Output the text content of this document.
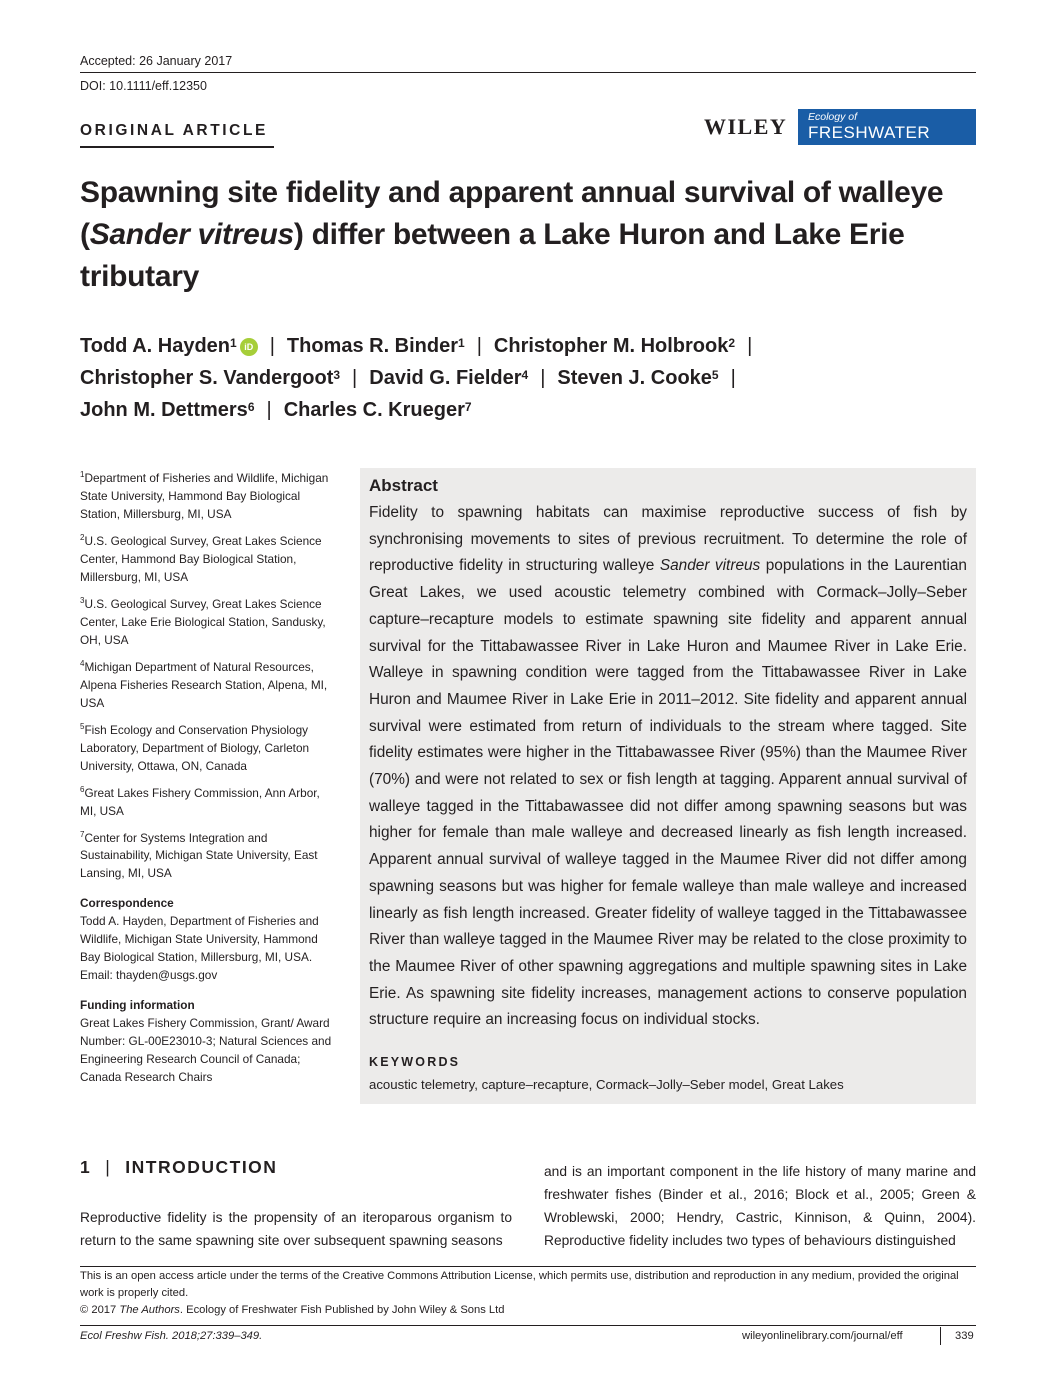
Accepted: 26 January 2017
DOI: 10.1111/eff.12350
ORIGINAL ARTICLE	WILEY Ecology of
FRESHWATER FISH
Spawning site fidelity and apparent annual survival of walleye (Sander vitreus) differ between a Lake Huron and Lake Erie tributary
Todd A. Hayden$^1$ iD | Thomas R. Binder$^1$ | Christopher M. Holbrook$^2$ |
Christopher S. Vandergoot$^3$ | David G. Fielder$^4$ | Steven J. Cooke$^5$ |
John M. Dettmers$^6$ | Charles C. Krueger$^7$
$^1$Department of Fisheries and Wildlife, Michigan State University, Hammond Bay Biological Station, Millersburg, MI, USA
$^2$U.S. Geological Survey, Great Lakes Science Center, Hammond Bay Biological Station, Millersburg, MI, USA
$^3$U.S. Geological Survey, Great Lakes Science Center, Lake Erie Biological Station, Sandusky, OH, USA
$^4$Michigan Department of Natural Resources, Alpena Fisheries Research Station, Alpena, MI, USA
$^5$Fish Ecology and Conservation Physiology Laboratory, Department of Biology, Carleton University, Ottawa, ON, Canada
$^6$Great Lakes Fishery Commission, Ann Arbor, MI, USA
$^7$Center for Systems Integration and Sustainability, Michigan State University, East Lansing, MI, USA
Correspondence
Todd A. Hayden, Department of Fisheries and Wildlife, Michigan State University, Hammond Bay Biological Station, Millersburg, MI, USA.
Email: thayden@usgs.gov
Funding information
Great Lakes Fishery Commission, Grant/ Award Number: GL-00E23010-3; Natural Sciences and Engineering Research Council of Canada; Canada Research Chairs
Abstract
Fidelity to spawning habitats can maximise reproductive success of fish by synchronising movements to sites of previous recruitment. To determine the role of reproductive fidelity in structuring walleye Sander vitreus populations in the Laurentian Great Lakes, we used acoustic telemetry combined with Cormack–Jolly–Seber capture–recapture models to estimate spawning site fidelity and apparent annual survival for the Tittabawassee River in Lake Huron and Maumee River in Lake Erie. Walleye in spawning condition were tagged from the Tittabawassee River in Lake Huron and Maumee River in Lake Erie in 2011–2012. Site fidelity and apparent annual survival were estimated from return of individuals to the stream where tagged. Site fidelity estimates were higher in the Tittabawassee River (95%) than the Maumee River (70%) and were not related to sex or fish length at tagging. Apparent annual survival of walleye tagged in the Tittabawassee did not differ among spawning seasons but was higher for female than male walleye and decreased linearly as fish length increased. Apparent annual survival of walleye tagged in the Maumee River did not differ among spawning seasons but was higher for female walleye than male walleye and increased linearly as fish length increased. Greater fidelity of walleye tagged in the Tittabawassee River than walleye tagged in the Maumee River may be related to the close proximity to the Maumee River of other spawning aggregations and multiple spawning sites in Lake Erie. As spawning site fidelity increases, management actions to conserve population structure require an increasing focus on individual stocks.
KEYWORDS
acoustic telemetry, capture–recapture, Cormack–Jolly–Seber model, Great Lakes
1 | INTRODUCTION
Reproductive fidelity is the propensity of an iteroparous organism to return to the same spawning site over subsequent spawning seasons
and is an important component in the life history of many marine and freshwater fishes (Binder et al., 2016; Block et al., 2005; Green & Wroblewski, 2000; Hendry, Castric, Kinnison, & Quinn, 2004). Reproductive fidelity includes two types of behaviours distinguished
This is an open access article under the terms of the Creative Commons Attribution License, which permits use, distribution and reproduction in any medium, provided the original work is properly cited.
© 2017 The Authors. Ecology of Freshwater Fish Published by John Wiley & Sons Ltd
Ecol Freshw Fish. 2018;27:339–349.	wileyonlinelibrary.com/journal/eff	339
